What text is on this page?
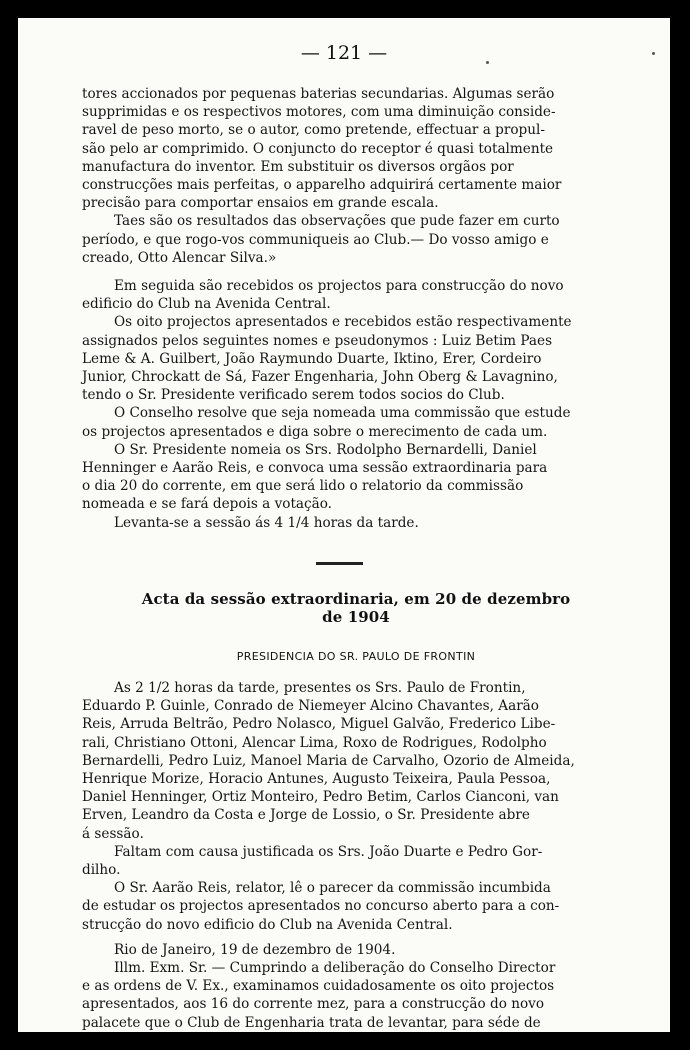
— 121 —
tores accionados por pequenas baterias secundarias. Algumas serão
supprimidas e os respectivos motores, com uma diminuição conside-
ravel de peso morto, se o autor, como pretende, effectuar a propul-
são pelo ar comprimido. O conjuncto do receptor é quasi totalmente
manufactura do inventor. Em substituir os diversos orgãos por
construcções mais perfeitas, o apparelho adquirirá certamente maior
precisão para comportar ensaios em grande escala.
Taes são os resultados das observações que pude fazer em curto
período, e que rogo-vos communiqueis ao Club.— Do vosso amigo e
creado, Otto Alencar Silva.»
Em seguida são recebidos os projectos para construcção do novo
edificio do Club na Avenida Central.
Os oito projectos apresentados e recebidos estão respectivamente
assignados pelos seguintes nomes e pseudonymos : Luiz Betim Paes
Leme & A. Guilbert, João Raymundo Duarte, Iktino, Erer, Cordeiro
Junior, Chrockatt de Sá, Fazer Engenharia, John Oberg & Lavagnino,
tendo o Sr. Presidente verificado serem todos socios do Club.
O Conselho resolve que seja nomeada uma commissão que estude
os projectos apresentados e diga sobre o merecimento de cada um.
O Sr. Presidente nomeia os Srs. Rodolpho Bernardelli, Daniel
Henninger e Aarão Reis, e convoca uma sessão extraordinaria para
o dia 20 do corrente, em que será lido o relatorio da commissão
nomeada e se fará depois a votação.
Levanta-se a sessão ás 4 1/4 horas da tarde.
Acta da sessão extraordinaria, em 20 de dezembro
de 1904
PRESIDENCIA DO SR. PAULO DE FRONTIN
As 2 1/2 horas da tarde, presentes os Srs. Paulo de Frontin,
Eduardo P. Guinle, Conrado de Niemeyer Alcino Chavantes, Aarão
Reis, Arruda Beltrão, Pedro Nolasco, Miguel Galvão, Frederico Libe-
rali, Christiano Ottoni, Alencar Lima, Roxo de Rodrigues, Rodolpho
Bernardelli, Pedro Luiz, Manoel Maria de Carvalho, Ozorio de Almeida,
Henrique Morize, Horacio Antunes, Augusto Teixeira, Paula Pessoa,
Daniel Henninger, Ortiz Monteiro, Pedro Betim, Carlos Cianconi, van
Erven, Leandro da Costa e Jorge de Lossio, o Sr. Presidente abre
á sessão.
Faltam com causa justificada os Srs. João Duarte e Pedro Gor-
dilho.
O Sr. Aarão Reis, relator, lê o parecer da commissão incumbida
de estudar os projectos apresentados no concurso aberto para a con-
strucção do novo edificio do Club na Avenida Central.
Rio de Janeiro, 19 de dezembro de 1904.
Illm. Exm. Sr. — Cumprindo a deliberação do Conselho Director
e as ordens de V. Ex., examinamos cuidadosamente os oito projectos
apresentados, aos 16 do corrente mez, para a construcção do novo
palacete que o Club de Engenharia trata de levantar, para séde de
